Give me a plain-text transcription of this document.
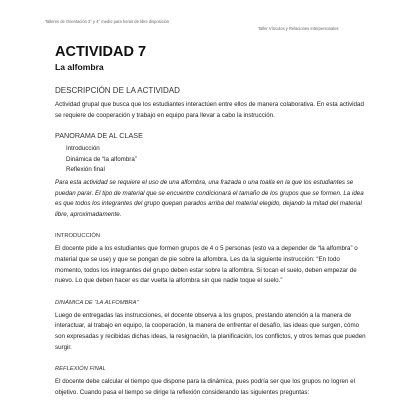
Talleres de Orientación 3° y 4° medio para horas de libre disposición
Taller Vínculos y Relaciones Interpersonales
ACTIVIDAD 7
La alfombra
DESCRIPCIÓN DE LA ACTIVIDAD

Actividad grupal que busca que los estudiantes interactúen entre ellos de manera colaborativa. En esta actividad se requiere de cooperación y trabajo en equipo para llevar a cabo la instrucción.

PANORAMA DE AL CLASE
Introducción
Dinámica de “la alfombra”
Reflexión final

Para esta actividad se requiere el uso de una alfombra, una frazada o una toalla en la que los estudiantes se puedan parar. El tipo de material que se encuentre condicionará el tamaño de los grupos que se formen. La idea es que todos los integrantes del grupo quepan parados arriba del material elegido, dejando la mitad del material libre, aproximadamente.

INTRODUCCIÓN

El docente pide a los estudiantes que formen grupos de 4 o 5 personas (esto va a depender de “la alfombra” o material que se use) y que se pongan de pie sobre la alfombra. Les da la siguiente instrucción: “En todo momento, todos los integrantes del grupo deben estar sobre la alfombra. Si tocan el suelo, deben empezar de nuevo. Lo que deben hacer es dar vuelta la alfombra sin que nadie toque el suelo.”

DINÁMICA DE “LA ALFOMBRA”

Luego de entregadas las instrucciones, el docente observa a los grupos, prestando atención a la manera de interactuar, al trabajo en equipo, la cooperación, la manera de enfrentar el desafío, las ideas que surgen, cómo son expresadas y recibidas dichas ideas, la resignación, la planificación, los conflictos, y otros temas que pueden surgir.

REFLEXIÓN FINAL

El docente debe calcular el tiempo que dispone para la dinámica, pues podría ser que los grupos no logren el objetivo. Cuando pasa el tiempo se dirige la reflexión considerando las siguientes preguntas:
